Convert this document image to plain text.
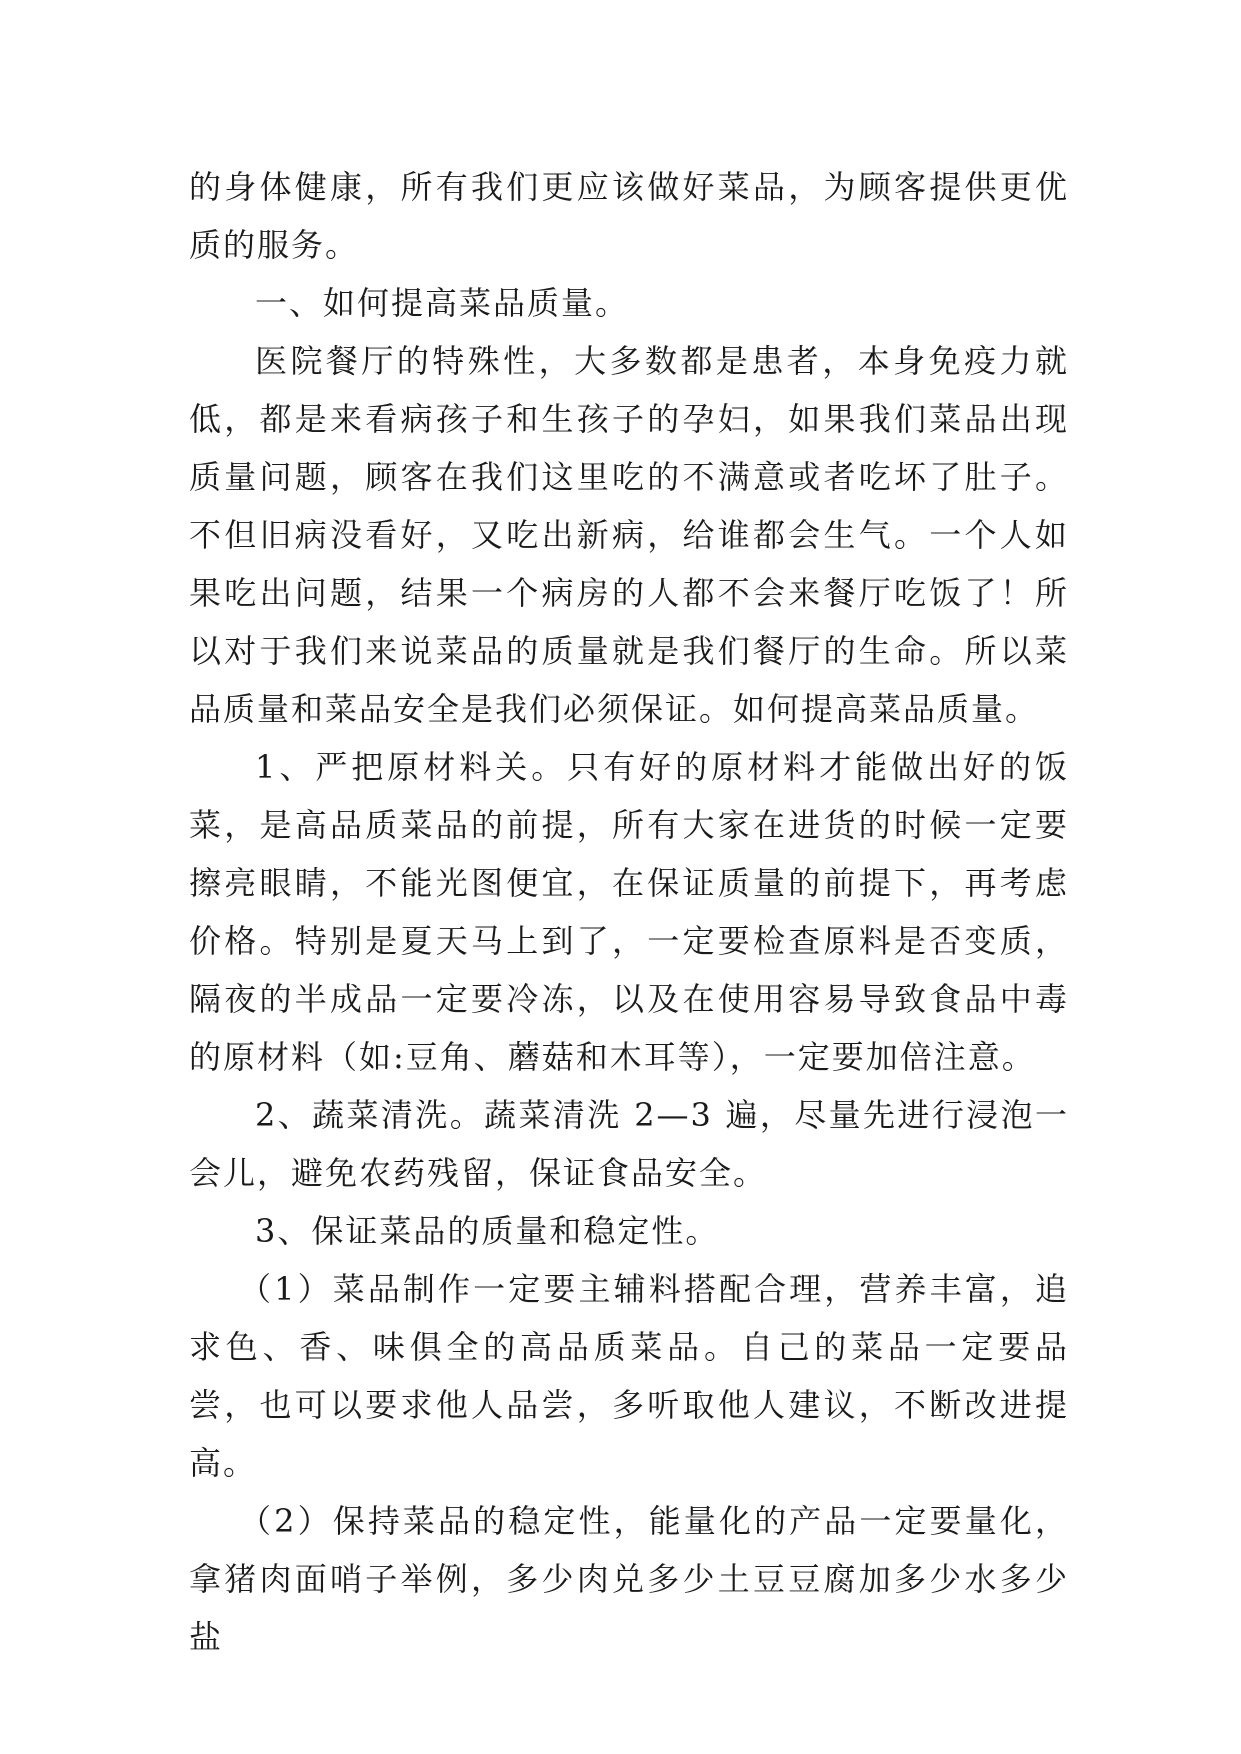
的身体健康，所有我们更应该做好菜品，为顾客提供更优质的服务。

一、如何提高菜品质量。

医院餐厅的特殊性，大多数都是患者，本身免疫力就低，都是来看病孩子和生孩子的孕妇，如果我们菜品出现质量问题，顾客在我们这里吃的不满意或者吃坏了肚子。不但旧病没看好，又吃出新病，给谁都会生气。一个人如果吃出问题，结果一个病房的人都不会来餐厅吃饭了！所以对于我们来说菜品的质量就是我们餐厅的生命。所以菜品质量和菜品安全是我们必须保证。如何提高菜品质量。

1、严把原材料关。只有好的原材料才能做出好的饭菜，是高品质菜品的前提，所有大家在进货的时候一定要擦亮眼睛，不能光图便宜，在保证质量的前提下，再考虑价格。特别是夏天马上到了，一定要检查原料是否变质，隔夜的半成品一定要冷冻，以及在使用容易导致食品中毒的原材料（如:豆角、蘑菇和木耳等），一定要加倍注意。

2、蔬菜清洗。蔬菜清洗 2—3 遍，尽量先进行浸泡一会儿，避免农药残留，保证食品安全。

3、保证菜品的质量和稳定性。

（1）菜品制作一定要主辅料搭配合理，营养丰富，追求色、香、味俱全的高品质菜品。自己的菜品一定要品尝，也可以要求他人品尝，多听取他人建议，不断改进提高。

（2）保持菜品的稳定性，能量化的产品一定要量化，拿猪肉面哨子举例，多少肉兑多少土豆豆腐加多少水多少盐
